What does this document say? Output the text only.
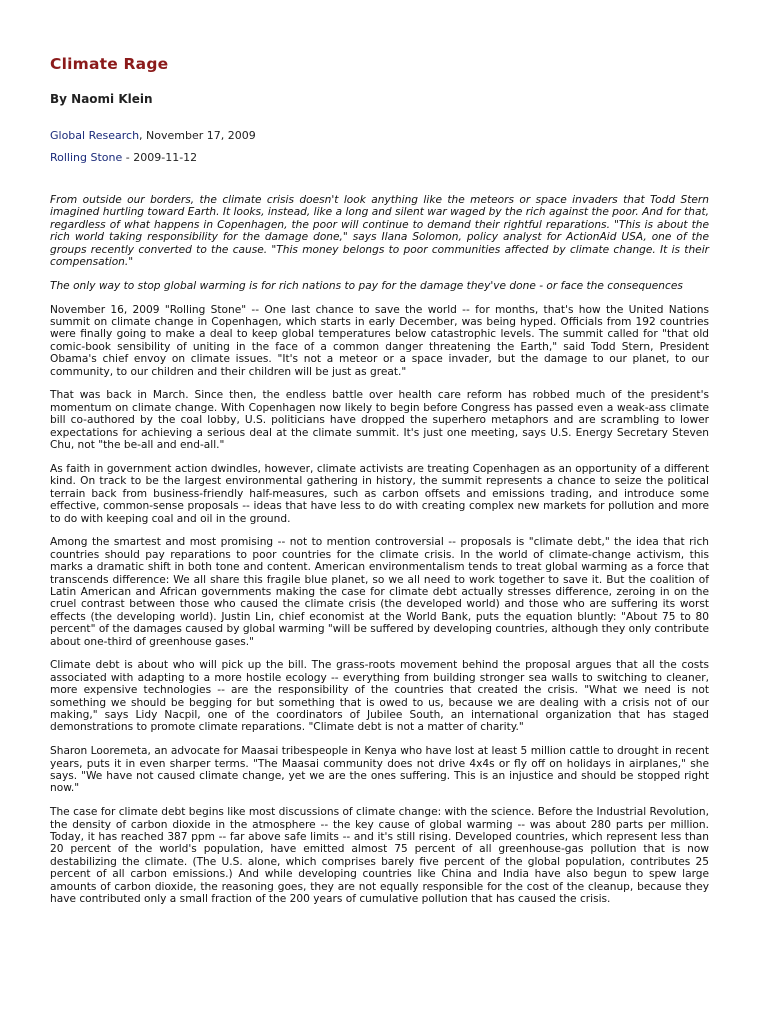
Climate Rage
By Naomi Klein

Global Research, November 17, 2009

Rolling Stone - 2009-11-12

From outside our borders, the climate crisis doesn't look anything like the meteors or space invaders that Todd Stern imagined hurtling toward Earth. It looks, instead, like a long and silent war waged by the rich against the poor. And for that, regardless of what happens in Copenhagen, the poor will continue to demand their rightful reparations. "This is about the rich world taking responsibility for the damage done," says Ilana Solomon, policy analyst for ActionAid USA, one of the groups recently converted to the cause. "This money belongs to poor communities affected by climate change. It is their compensation."

The only way to stop global warming is for rich nations to pay for the damage they've done - or face the consequences

November 16, 2009 "Rolling Stone" -- One last chance to save the world -- for months, that's how the United Nations summit on climate change in Copenhagen, which starts in early December, was being hyped. Officials from 192 countries were finally going to make a deal to keep global temperatures below catastrophic levels. The summit called for "that old comic-book sensibility of uniting in the face of a common danger threatening the Earth," said Todd Stern, President Obama's chief envoy on climate issues. "It's not a meteor or a space invader, but the damage to our planet, to our community, to our children and their children will be just as great."

That was back in March. Since then, the endless battle over health care reform has robbed much of the president's momentum on climate change. With Copenhagen now likely to begin before Congress has passed even a weak-ass climate bill co-authored by the coal lobby, U.S. politicians have dropped the superhero metaphors and are scrambling to lower expectations for achieving a serious deal at the climate summit. It's just one meeting, says U.S. Energy Secretary Steven Chu, not "the be-all and end-all."

As faith in government action dwindles, however, climate activists are treating Copenhagen as an opportunity of a different kind. On track to be the largest environmental gathering in history, the summit represents a chance to seize the political terrain back from business-friendly half-measures, such as carbon offsets and emissions trading, and introduce some effective, common-sense proposals -- ideas that have less to do with creating complex new markets for pollution and more to do with keeping coal and oil in the ground.

Among the smartest and most promising -- not to mention controversial -- proposals is "climate debt," the idea that rich countries should pay reparations to poor countries for the climate crisis. In the world of climate-change activism, this marks a dramatic shift in both tone and content. American environmentalism tends to treat global warming as a force that transcends difference: We all share this fragile blue planet, so we all need to work together to save it. But the coalition of Latin American and African governments making the case for climate debt actually stresses difference, zeroing in on the cruel contrast between those who caused the climate crisis (the developed world) and those who are suffering its worst effects (the developing world). Justin Lin, chief economist at the World Bank, puts the equation bluntly: "About 75 to 80 percent" of the damages caused by global warming "will be suffered by developing countries, although they only contribute about one-third of greenhouse gases."

Climate debt is about who will pick up the bill. The grass-roots movement behind the proposal argues that all the costs associated with adapting to a more hostile ecology -- everything from building stronger sea walls to switching to cleaner, more expensive technologies -- are the responsibility of the countries that created the crisis. "What we need is not something we should be begging for but something that is owed to us, because we are dealing with a crisis not of our making," says Lidy Nacpil, one of the coordinators of Jubilee South, an international organization that has staged demonstrations to promote climate reparations. "Climate debt is not a matter of charity."

Sharon Looremeta, an advocate for Maasai tribespeople in Kenya who have lost at least 5 million cattle to drought in recent years, puts it in even sharper terms. "The Maasai community does not drive 4x4s or fly off on holidays in airplanes," she says. "We have not caused climate change, yet we are the ones suffering. This is an injustice and should be stopped right now."

The case for climate debt begins like most discussions of climate change: with the science. Before the Industrial Revolution, the density of carbon dioxide in the atmosphere -- the key cause of global warming -- was about 280 parts per million. Today, it has reached 387 ppm -- far above safe limits -- and it's still rising. Developed countries, which represent less than 20 percent of the world's population, have emitted almost 75 percent of all greenhouse-gas pollution that is now destabilizing the climate. (The U.S. alone, which comprises barely five percent of the global population, contributes 25 percent of all carbon emissions.) And while developing countries like China and India have also begun to spew large amounts of carbon dioxide, the reasoning goes, they are not equally responsible for the cost of the cleanup, because they have contributed only a small fraction of the 200 years of cumulative pollution that has caused the crisis.
